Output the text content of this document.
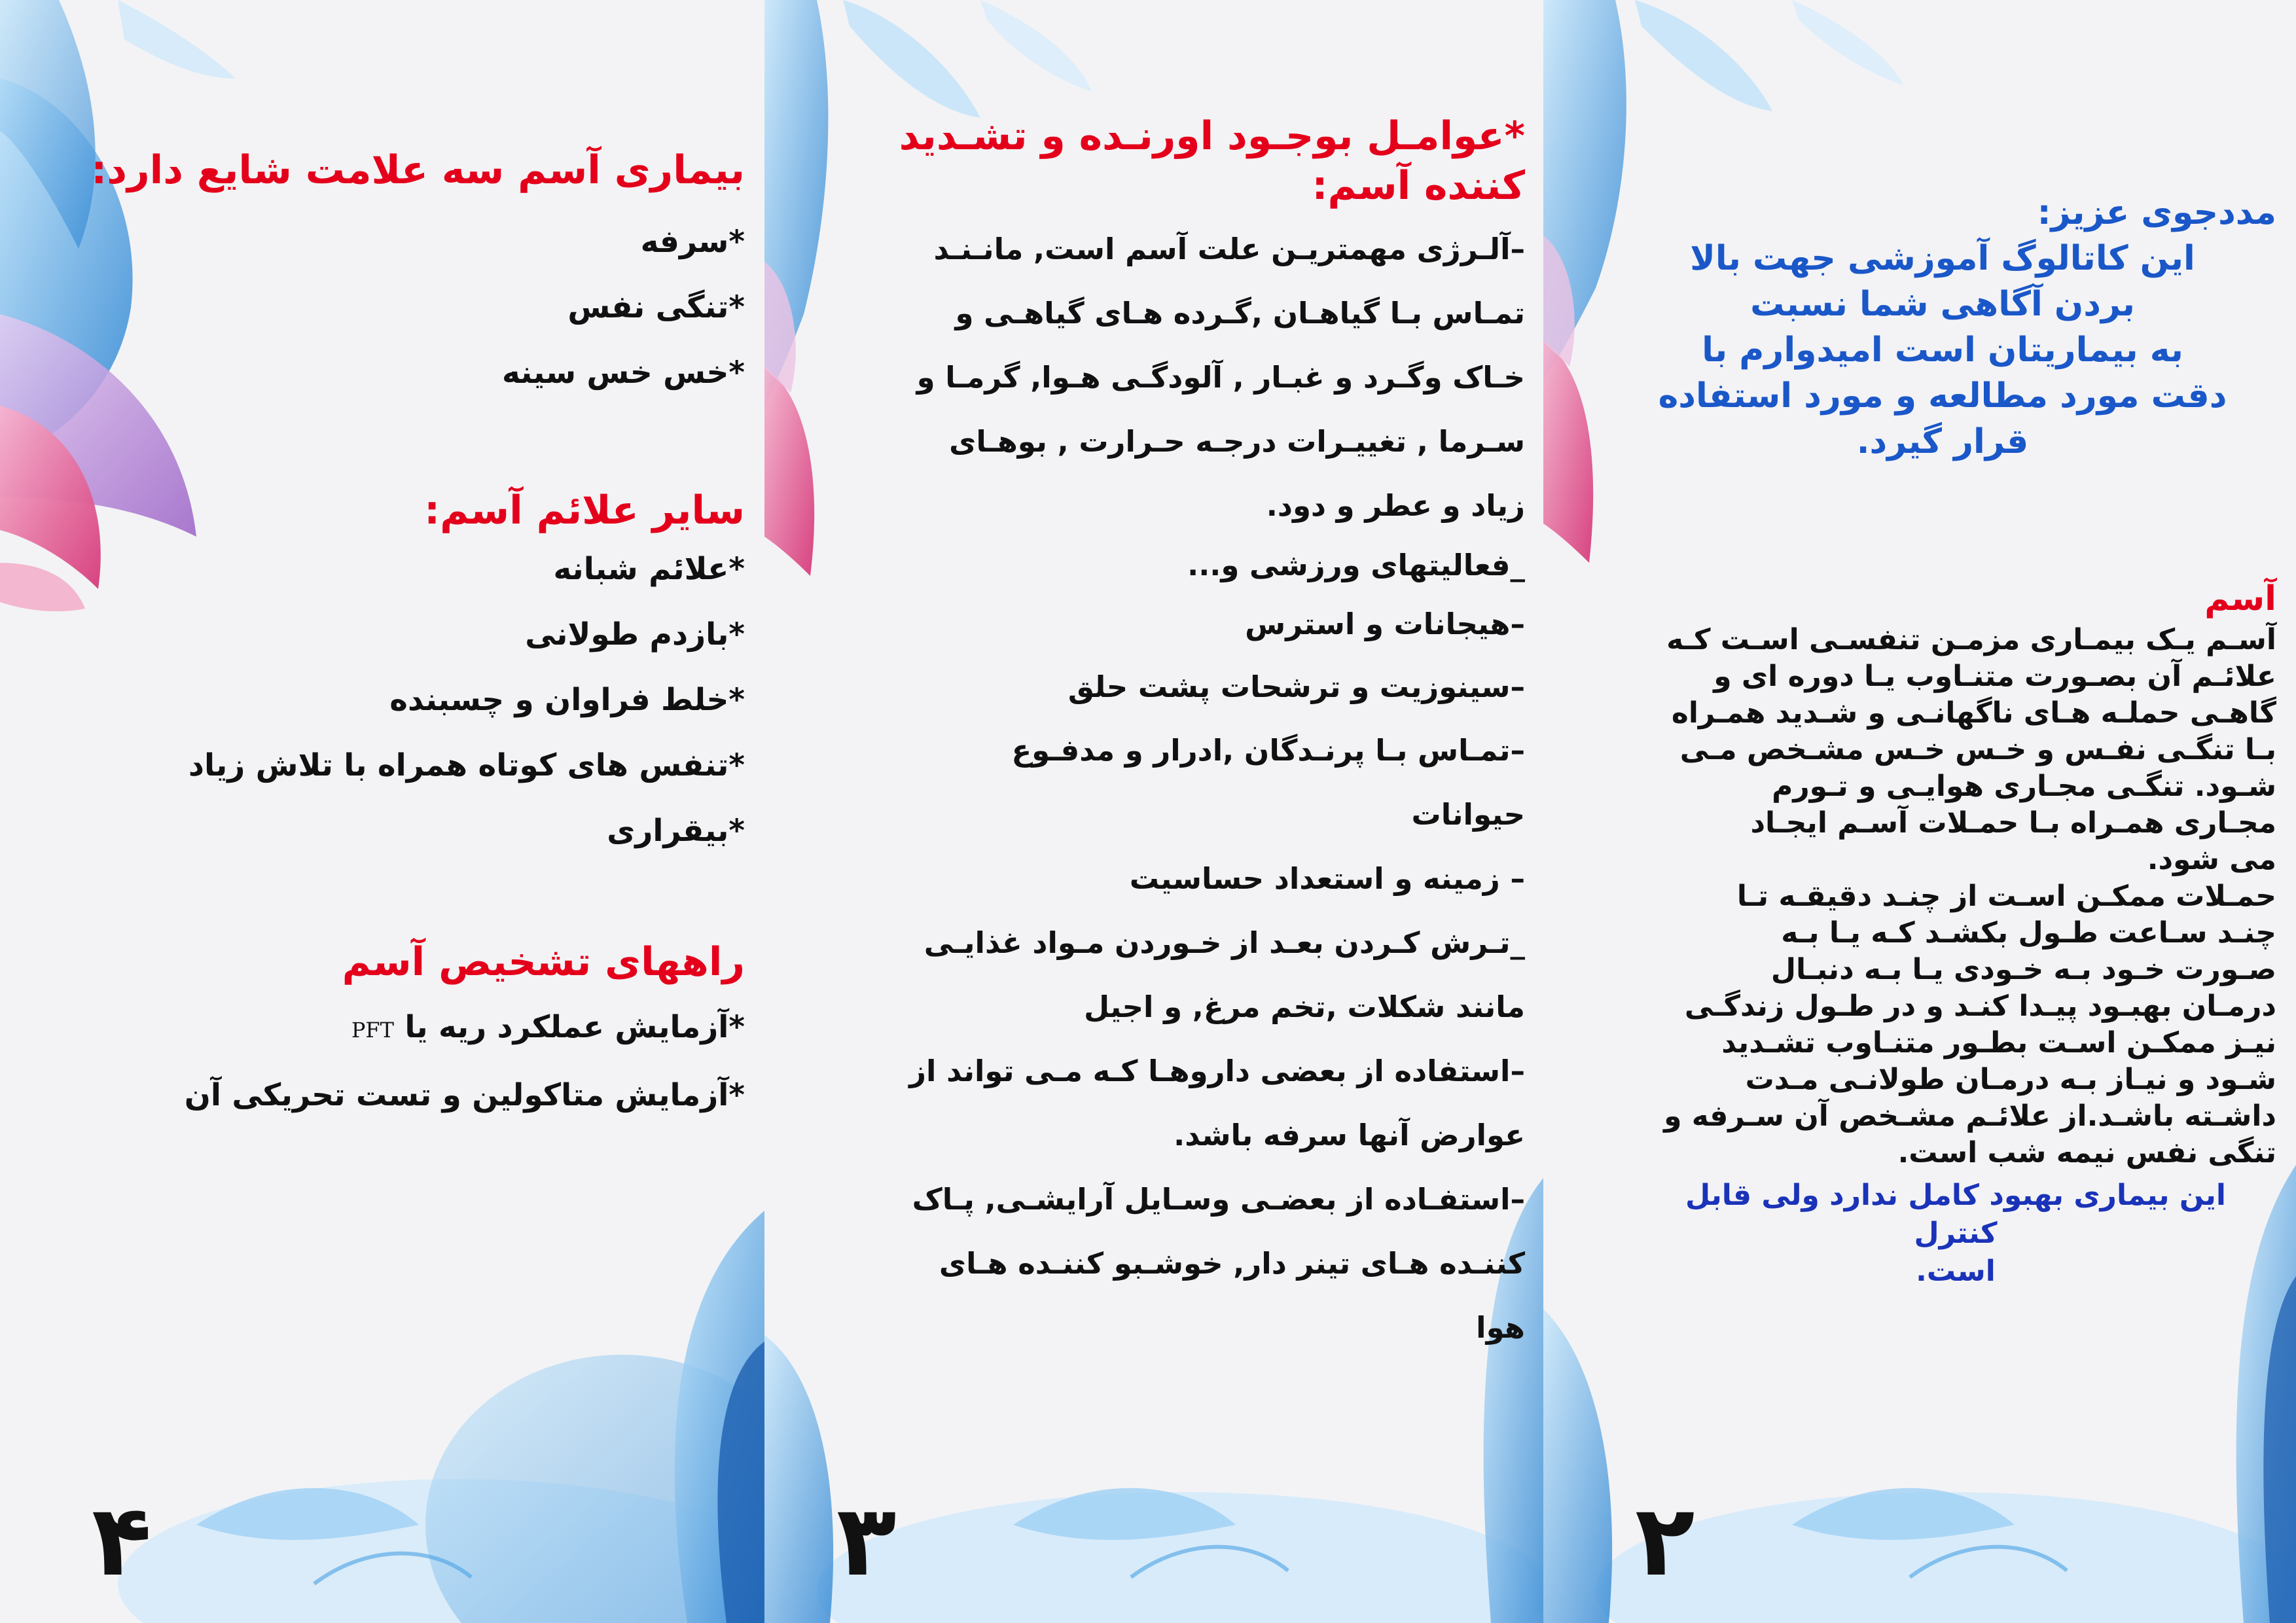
بیماری آسم سه علامت شایع دارد:

*سرفه

*تنگی نفس

*خس خس سینه

سایر علائم آسم:

*علائم شبانه

*بازدم طولانی

*خلط فراوان و چسبنده

*تنفس های کوتاه همراه با تلاش زیاد

*بیقراری

راههای تشخیص آسم

*آزمایش عملکرد ریه یا PFT

*آزمایش متاکولین و تست تحریکی آن

۴

*عوامـل بوجـود اورنـده و تشـدید

کننده آسم:

–آلـرژی مهمتریـن علت آسم است, مانـنـد

تمـاس بـا گیاهـان ,گـرده هـای گیاهـی و

خـاک وگـرد و غبـار , آلودگـی هـوا, گرمـا و

سـرما , تغییـرات درجـه حـرارت , بوهـای

زیاد و عطر و دود.

_فعالیتهای ورزشی و...

–هیجانات و استرس

–سینوزیت و ترشحات پشت حلق

–تمـاس بـا پرنـدگان ,ادرار و مدفـوع

حیوانات

– زمینه و استعداد حساسیت

_تـرش کـردن بعـد از خـوردن مـواد غذایـی

مانند شکلات ,تخم مرغ, و اجیل

–استفاده از بعضی داروهـا کـه مـی تواند از

عوارض آنها سرفه باشد.

–استفـاده از بعضـی وسـایل آرایشـی, پـاک

کننـده هـای تینر دار, خوشـبو کننـده هـای

هوا

۳

مددجوی عزیز:

این کاتالوگ آموزشی جهت بالا

بردن آگاهی شما نسبت

به بیماریتان است امیدوارم با

دقت مورد مطالعه و مورد استفاده

قرار گیرد.

آسم

آسـم یـک بیمـاری مزمـن تنفسـی اسـت کـه

علائـم آن بصـورت متنـاوب یـا دوره ای و

گاهـی حملـه هـای ناگهانـی و شـدید همـراه

بـا تنگـی نفـس و خـس خـس مشـخص مـی

شـود. تنگـی مجـاری هوایـی و تـورم

مجـاری همـراه بـا حمـلات آسـم ایجـاد

می شود.

حمـلات ممکـن اسـت از چنـد دقیقـه تـا

چنـد سـاعت طـول بکشـد کـه یـا بـه

صـورت خـود بـه خـودی یـا بـه دنبـال

درمـان بهبـود پیـدا کنـد و در طـول زندگـی

نیـز ممکـن اسـت بطـور متنـاوب تشـدید

شـود و نیـاز بـه درمـان طولانـی مـدت

داشـته باشـد.از علائـم مشـخص آن سـرفه و

تنگی نفس نیمه شب است.

این بیماری بهبود کامل ندارد ولی قابل کنترل

است.

۲
